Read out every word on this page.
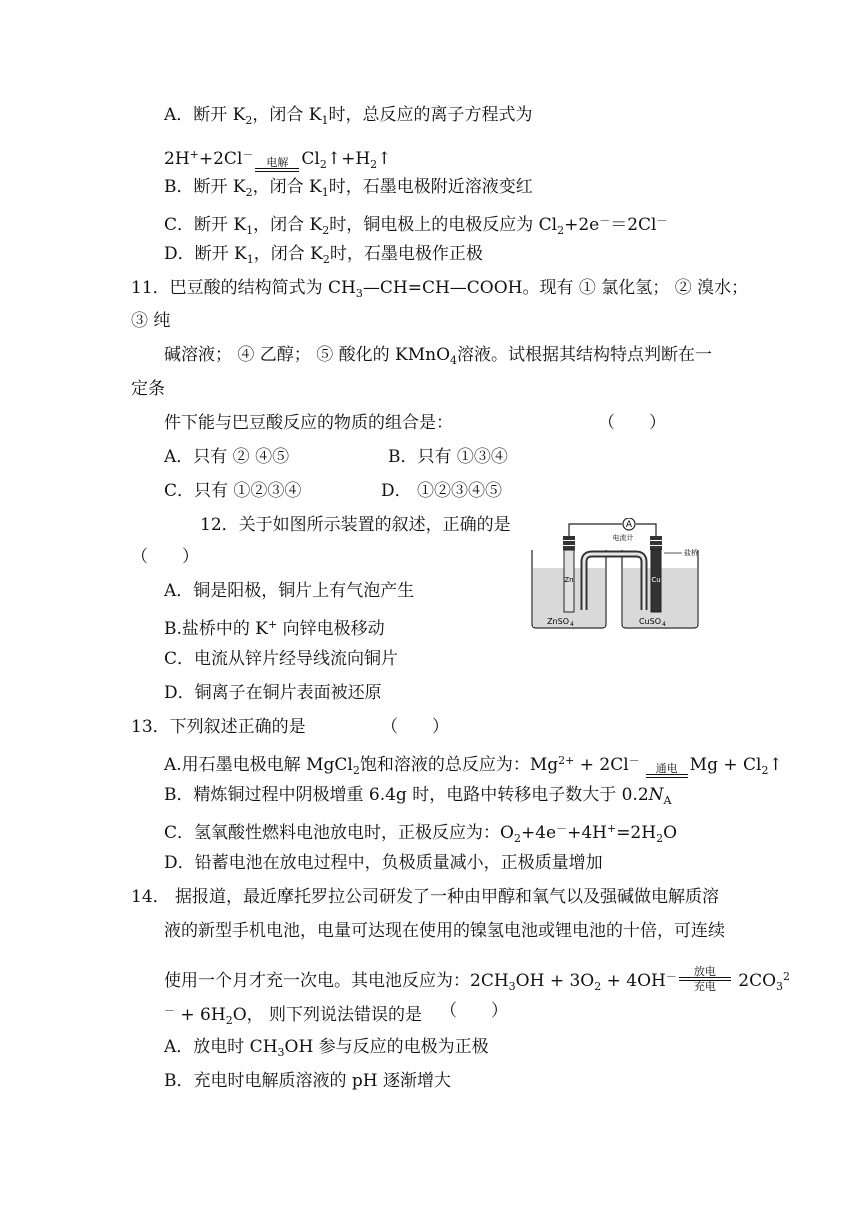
A．断开 $K_2$，闭合 $K_1$时，总反应的离子方程式为
2H++2Cl－
电解 $Cl_2↑+H_2↑$
B．断开 $K_2$，闭合 $K_1$时，石墨电极附近溶液变红
C．断开 $K_1$，闭合 $K_2$时，铜电极上的电极反应为 $Cl_2+2e^-=2Cl^-$
D．断开 $K_1$，闭合 $K_2$时，石墨电极作正极
11．巴豆酸的结构简式为 $CH_3—CH=CH—COOH$。现有 ① 氯化氢； ② 溴水；
③ 纯
碱溶液； ④ 乙醇； ⑤ 酸化的 KMnO$_4$溶液。试根据其结构特点判断在一
定条
件下能与巴豆酸反应的物质的组合是：	（　　）
A．只有 ② ④⑤	B．只有 ①③④
C．只有 ①②③④	D． ①②③④⑤
12．关于如图所示装置的叙述，正确的是
（　　）
A．铜是阳极，铜片上有气泡产生
B.盐桥中的 K+ 向锌电极移动
C．电流从锌片经导线流向铜片
D．铜离子在铜片表面被还原
A
电流计
盐桥
Zn	Cu
ZnSO 4	CuSO 4
13．下列叙述正确的是	（　　）
A.用石墨电极电解 MgCl$_2$饱和溶液的总反应为：$Mg^{2+} + 2Cl^-$
通电 $Mg + Cl_2↑$
B．精炼铜过程中阴极增重 6.4g 时，电路中转移电子数大于 $0.2N_A$
C．氢氧酸性燃料电池放电时，正极反应为：$O_2+4e^-+4H^+=2H_2O$
D．铅蓄电池在放电过程中，负极质量减小，正极质量增加
14． 据报道，最近摩托罗拉公司研发了一种由甲醇和氧气以及强碱做电解质溶
液的新型手机电池，电量可达现在使用的镍氢电池或锂电池的十倍，可连续
使用一个月才充一次电。其电池反应为：$2CH_3OH + 3O_2 + 4OH^-$	放电
充电	$2CO_3^2$
$^- + 6H_2O$， 则下列说法错误的是 （　　）
A．放电时 $CH_3OH$ 参与反应的电极为正极
B．充电时电解质溶液的 pH 逐渐增大
